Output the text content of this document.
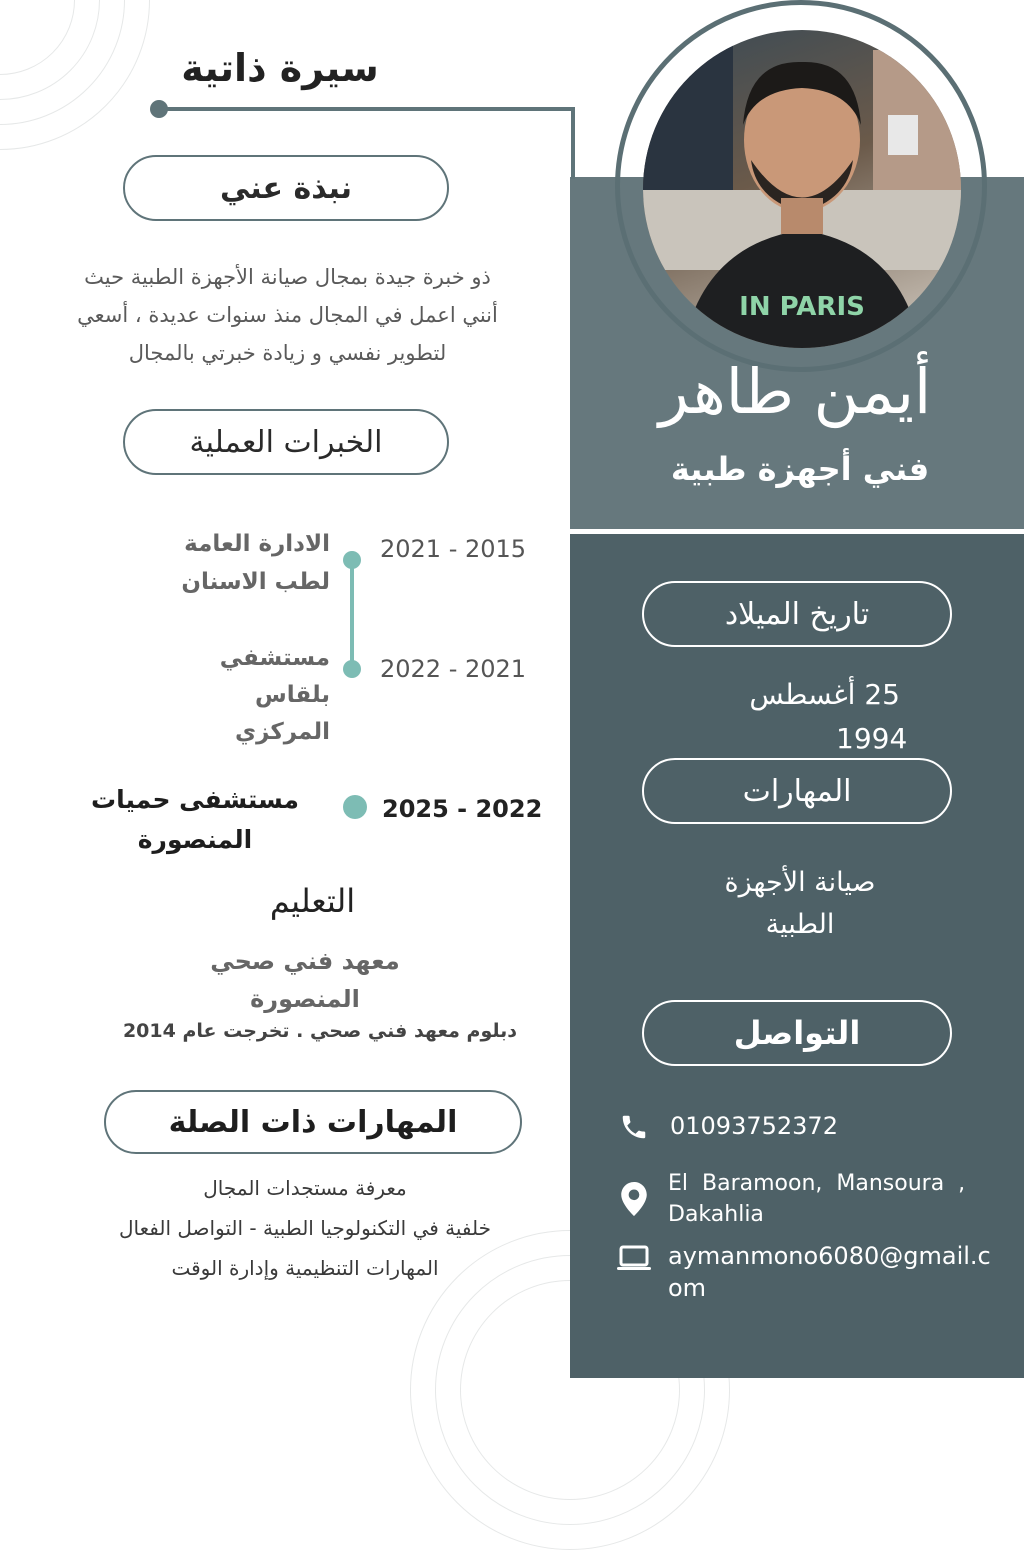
IN PARIS
سيرة ذاتية
أيمن طاهر
فني أجهزة طبية
نبذة عني
ذو خبرة جيدة بمجال صيانة الأجهزة الطبية حيث
أنني اعمل في المجال منذ سنوات عديدة ، أسعي
لتطوير نفسي و زيادة خبرتي بالمجال
الخبرات العملية
2021 - 2015
الادارة العامة
لطب الاسنان
2022 - 2021
مستشفي
بلقاس
المركزي
2025 - 2022
مستشفى حميات
المنصورة
التعليم
معهد فني صحي
المنصورة
دبلوم معهد فني صحي . تخرجت عام 2014
المهارات ذات الصلة
معرفة مستجدات المجال
خلفية في التكنولوجيا الطبية - التواصل الفعال
المهارات التنظيمية وإدارة الوقت
تاريخ الميلاد
25 أغسطس
1994
المهارات
صيانة الأجهزة
الطبية
التواصل
01093752372
El  Baramoon,  Mansoura  ,
Dakahlia
aymanmono6080@gmail.c
om
